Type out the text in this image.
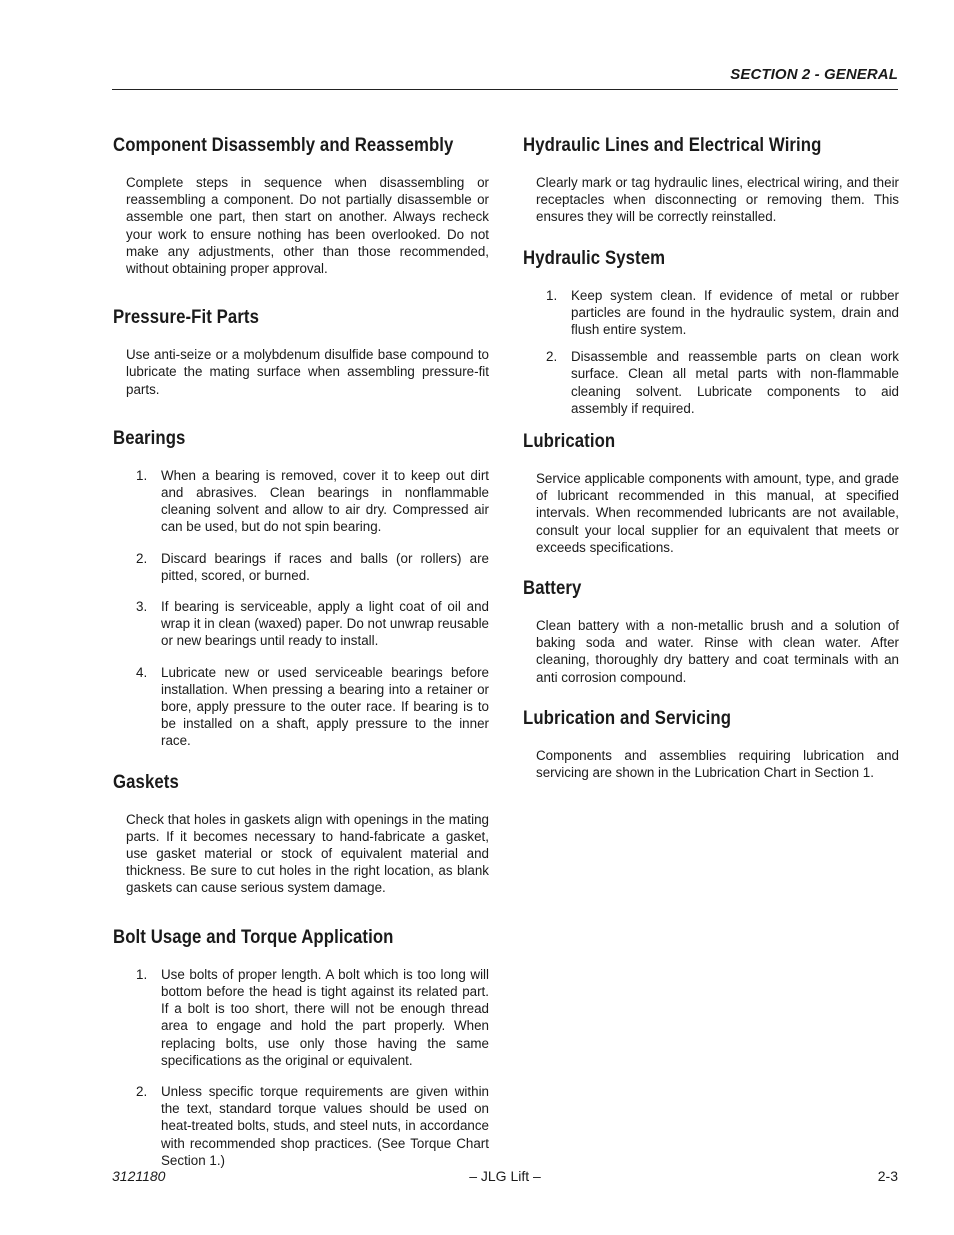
SECTION 2 - GENERAL
Component Disassembly and Reassembly

Complete steps in sequence when disassembling or reassembling a component. Do not partially disassemble or assemble one part, then start on another. Always recheck your work to ensure nothing has been overlooked. Do not make any adjustments, other than those recommended, without obtaining proper approval.

Pressure-Fit Parts

Use anti-seize or a molybdenum disulfide base compound to lubricate the mating surface when assembling pressure-fit parts.

Bearings
1. When a bearing is removed, cover it to keep out dirt and abrasives. Clean bearings in nonflammable cleaning solvent and allow to air dry. Compressed air can be used, but do not spin bearing.
2. Discard bearings if races and balls (or rollers) are pitted, scored, or burned.
3. If bearing is serviceable, apply a light coat of oil and wrap it in clean (waxed) paper. Do not unwrap reusable or new bearings until ready to install.
4. Lubricate new or used serviceable bearings before installation. When pressing a bearing into a retainer or bore, apply pressure to the outer race. If bearing is to be installed on a shaft, apply pressure to the inner race.
Gaskets

Check that holes in gaskets align with openings in the mating parts. If it becomes necessary to hand-fabricate a gasket, use gasket material or stock of equivalent material and thickness. Be sure to cut holes in the right location, as blank gaskets can cause serious system damage.

Bolt Usage and Torque Application
1. Use bolts of proper length. A bolt which is too long will bottom before the head is tight against its related part. If a bolt is too short, there will not be enough thread area to engage and hold the part properly. When replacing bolts, use only those having the same specifications as the original or equivalent.
2. Unless specific torque requirements are given within the text, standard torque values should be used on heat-treated bolts, studs, and steel nuts, in accordance with recommended shop practices. (See Torque Chart Section 1.)
Hydraulic Lines and Electrical Wiring

Clearly mark or tag hydraulic lines, electrical wiring, and their receptacles when disconnecting or removing them. This ensures they will be correctly reinstalled.

Hydraulic System
1. Keep system clean. If evidence of metal or rubber particles are found in the hydraulic system, drain and flush entire system.
2. Disassemble and reassemble parts on clean work surface. Clean all metal parts with non-flammable cleaning solvent. Lubricate components to aid assembly if required.
Lubrication

Service applicable components with amount, type, and grade of lubricant recommended in this manual, at specified intervals. When recommended lubricants are not available, consult your local supplier for an equivalent that meets or exceeds specifications.

Battery

Clean battery with a non-metallic brush and a solution of baking soda and water. Rinse with clean water. After cleaning, thoroughly dry battery and coat terminals with an anti corrosion compound.

Lubrication and Servicing

Components and assemblies requiring lubrication and servicing are shown in the Lubrication Chart in Section 1.

3121180	– JLG Lift –	2-3
